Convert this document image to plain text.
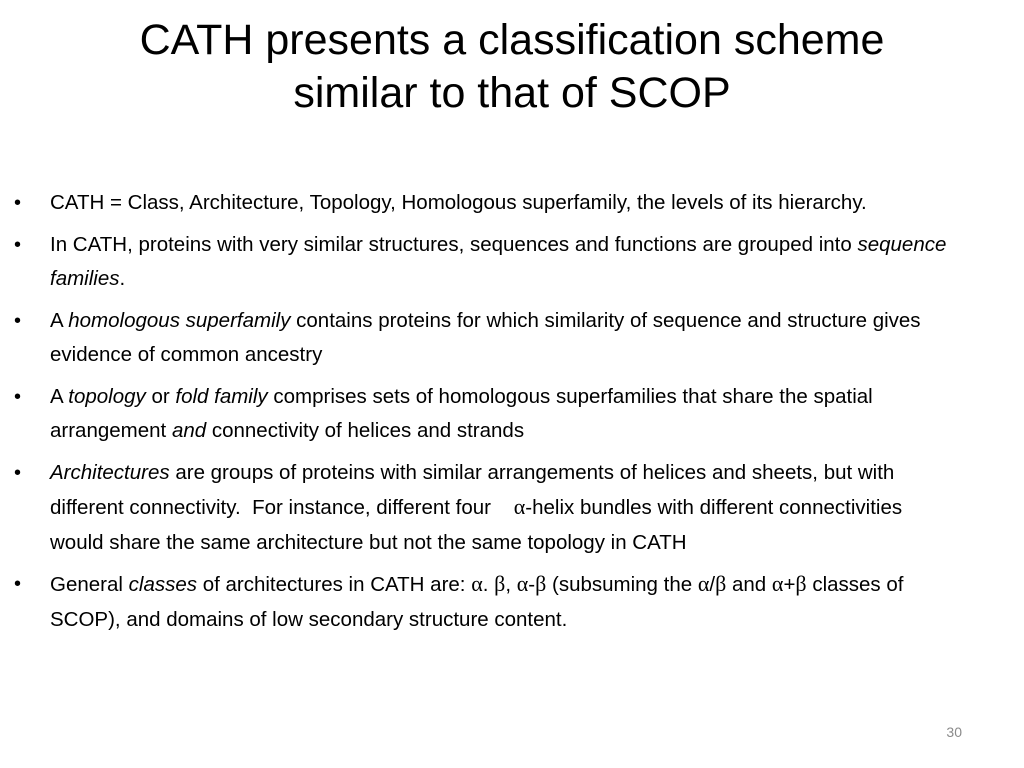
CATH presents a classification scheme
similar to that of SCOP
• CATH = Class, Architecture, Topology, Homologous superfamily, the levels of its hierarchy.
• In CATH, proteins with very similar structures, sequences and functions are grouped into sequence families.
• A homologous superfamily contains proteins for which similarity of sequence and structure gives evidence of common ancestry
• A topology or fold family comprises sets of homologous superfamilies that share the spatial arrangement and connectivity of helices and strands
• Architectures are groups of proteins with similar arrangements of helices and sheets, but with different connectivity.  For instance, different four    α-helix bundles with different connectivities would share the same architecture but not the same topology in CATH
• General classes of architectures in CATH are: α. β, α-β (subsuming the α/β and α+β classes of SCOP), and domains of low secondary structure content.
30
